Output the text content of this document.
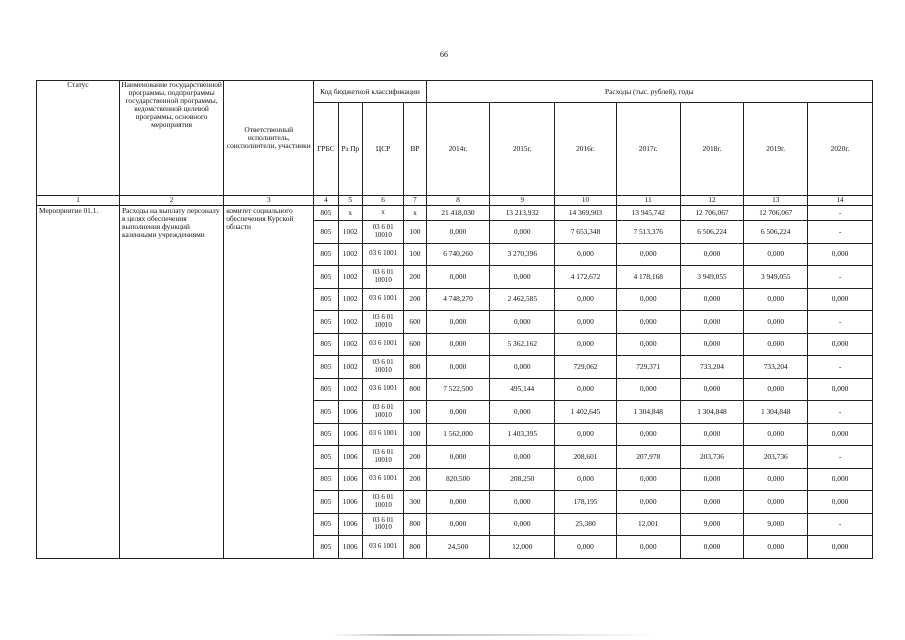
66
Статус	Наименование государственной программы, подпрограммы государственной программы, ведомственной целевой программы, основного мероприятия	Ответственный исполнитель, соисполнители, участники	Код бюджетной классификации				Расходы (тыс. рублей), годы						
			ГРБС	Рз Пр	ЦСР	ВР	2014г.	2015г.	2016г.	2017г.	2018г.	2019г.	2020г.
1	2	3	4	5	6	7	8	9	10	11	12	13	14
Мероприятие 01.1.	Расходы на выплату персоналу в целях обеспечения выполнения функций казенными учреждениями	комитет социального обеспечения Курской области	805	x	x	x	21 418,030	13 213,932	14 369,903	13 945,742	12 706,067	12 706,067	-
			805	1002	03 6 01 10010	100	0,000	0,000	7 653,348	7 513,376	6 506,224	6 506,224	-
			805	1002	03 6 1001	100	6 740,260	3 270,396	0,000	0,000	0,000	0,000	0,000
			805	1002	03 6 01 10010	200	0,000	0,000	4 172,672	4 178,168	3 949,055	3 949,055	-
			805	1002	03 6 1001	200	4 748,270	2 462,585	0,000	0,000	0,000	0,000	0,000
			805	1002	03 6 01 10010	600	0,000	0,000	0,000	0,000	0,000	0,000	-
			805	1002	03 6 1001	600	0,000	5 362,162	0,000	0,000	0,000	0,000	0,000
			805	1002	03 6 01 10010	800	0,000	0,000	729,062	729,371	733,204	733,204	-
			805	1002	03 6 1001	800	7 522,500	495,144	0,000	0,000	0,000	0,000	0,000
			805	1006	03 6 01 10010	100	0,000	0,000	1 402,645	1 304,848	1 304,848	1 304,848	-
			805	1006	03 6 1001	100	1 562,000	1 403,395	0,000	0,000	0,000	0,000	0,000
			805	1006	03 6 01 10010	200	0,000	0,000	208,601	207,978	203,736	203,736	-
			805	1006	03 6 1001	200	820,500	208,250	0,000	0,000	0,000	0,000	0,000
			805	1006	03 6 01 10010	300	0,000	0,000	178,195	0,000	0,000	0,000	0,000
			805	1006	03 6 01 10010	800	0,000	0,000	25,380	12,001	9,000	9,000	-
			805	1006	03 6 1001	800	24,500	12,000	0,000	0,000	0,000	0,000	0,000
